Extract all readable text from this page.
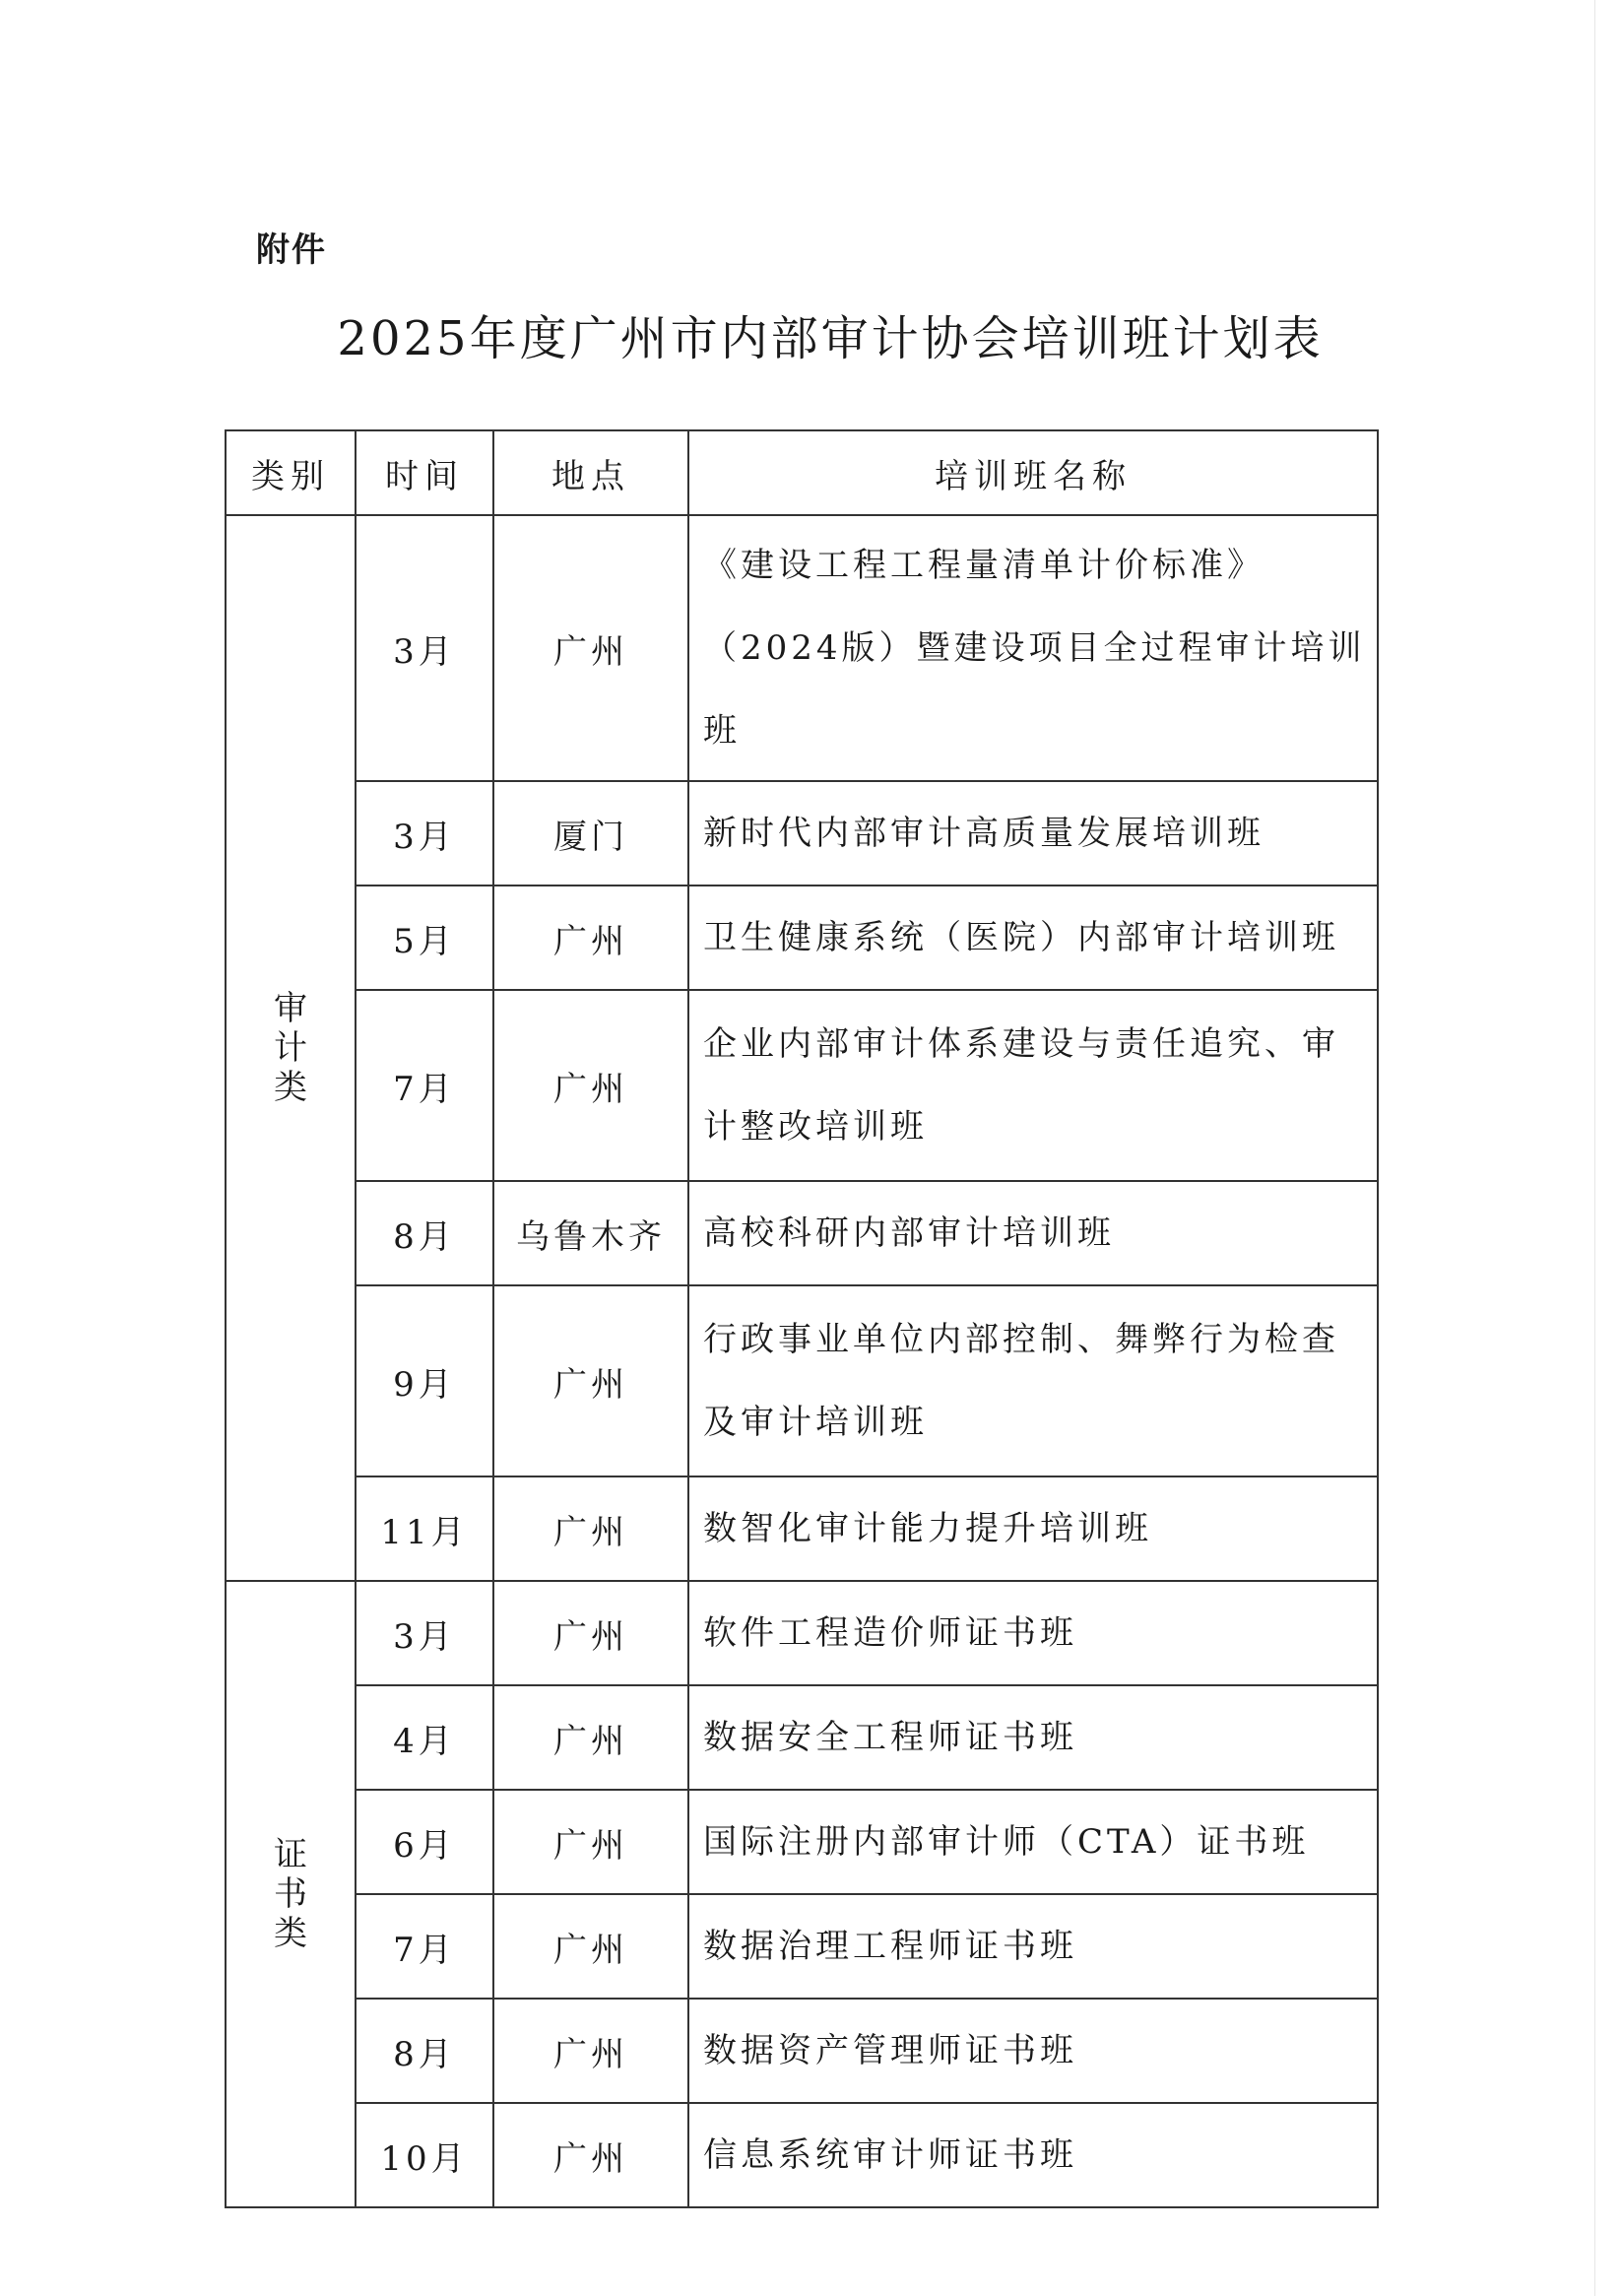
附件
2025年度广州市内部审计协会培训班计划表
类别	时间	地点	培训班名称

审
计
类	3月	广州	《建设工程工程量清单计价标准》（2024版）暨建设项目全过程审计培训班
	3月	厦门	新时代内部审计高质量发展培训班
	5月	广州	卫生健康系统（医院）内部审计培训班
	7月	广州	企业内部审计体系建设与责任追究、审计整改培训班
	8月	乌鲁木齐	高校科研内部审计培训班
	9月	广州	行政事业单位内部控制、舞弊行为检查及审计培训班
	11月	广州	数智化审计能力提升培训班

证
书
类	3月	广州	软件工程造价师证书班
	4月	广州	数据安全工程师证书班
	6月	广州	国际注册内部审计师（CTA）证书班
	7月	广州	数据治理工程师证书班
	8月	广州	数据资产管理师证书班
	10月	广州	信息系统审计师证书班
